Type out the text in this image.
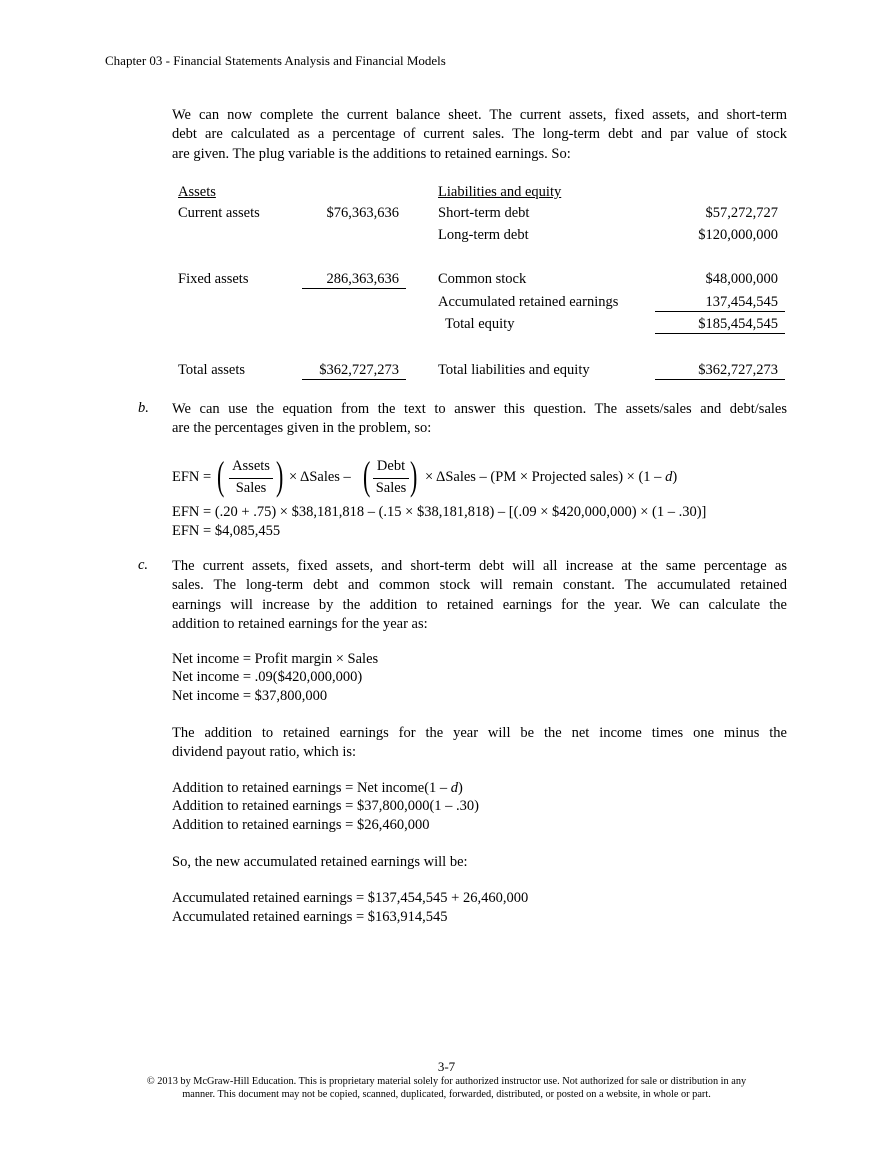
Chapter 03 - Financial Statements Analysis and Financial Models
We can now complete the current balance sheet. The current assets, fixed assets, and short-term
debt are calculated as a percentage of current sales. The long-term debt and par value of stock
are given. The plug variable is the additions to retained earnings. So:
Assets	Liabilities and equity
Current assets	$76,363,636	Short-term debt	$57,272,727
Long-term debt	$120,000,000
Fixed assets	286,363,636	Common stock	$48,000,000
Accumulated retained earnings	137,454,545
Total equity	$185,454,545
Total assets	$362,727,273	Total liabilities and equity	$362,727,273
b. We can use the equation from the text to answer this question. The assets/sales and debt/sales
are the percentages given in the problem, so:
EFN = ( Assets
Sales ) × ΔSales – ( Debt
Sales ) × ΔSales – (PM × Projected sales) × (1 – d)
EFN = (.20 + .75) × $38,181,818 – (.15 × $38,181,818) – [(.09 × $420,000,000) × (1 – .30)]
EFN = $4,085,455
c. The current assets, fixed assets, and short-term debt will all increase at the same percentage as
sales. The long-term debt and common stock will remain constant. The accumulated retained
earnings will increase by the addition to retained earnings for the year. We can calculate the
addition to retained earnings for the year as:
Net income = Profit margin × Sales
Net income = .09($420,000,000)
Net income = $37,800,000
The addition to retained earnings for the year will be the net income times one minus the
dividend payout ratio, which is:
Addition to retained earnings = Net income(1 – d)
Addition to retained earnings = $37,800,000(1 – .30)
Addition to retained earnings = $26,460,000
So, the new accumulated retained earnings will be:
Accumulated retained earnings = $137,454,545 + 26,460,000
Accumulated retained earnings = $163,914,545
3-7
© 2013 by McGraw-Hill Education. This is proprietary material solely for authorized instructor use. Not authorized for sale or distribution in any
manner. This document may not be copied, scanned, duplicated, forwarded, distributed, or posted on a website, in whole or part.
